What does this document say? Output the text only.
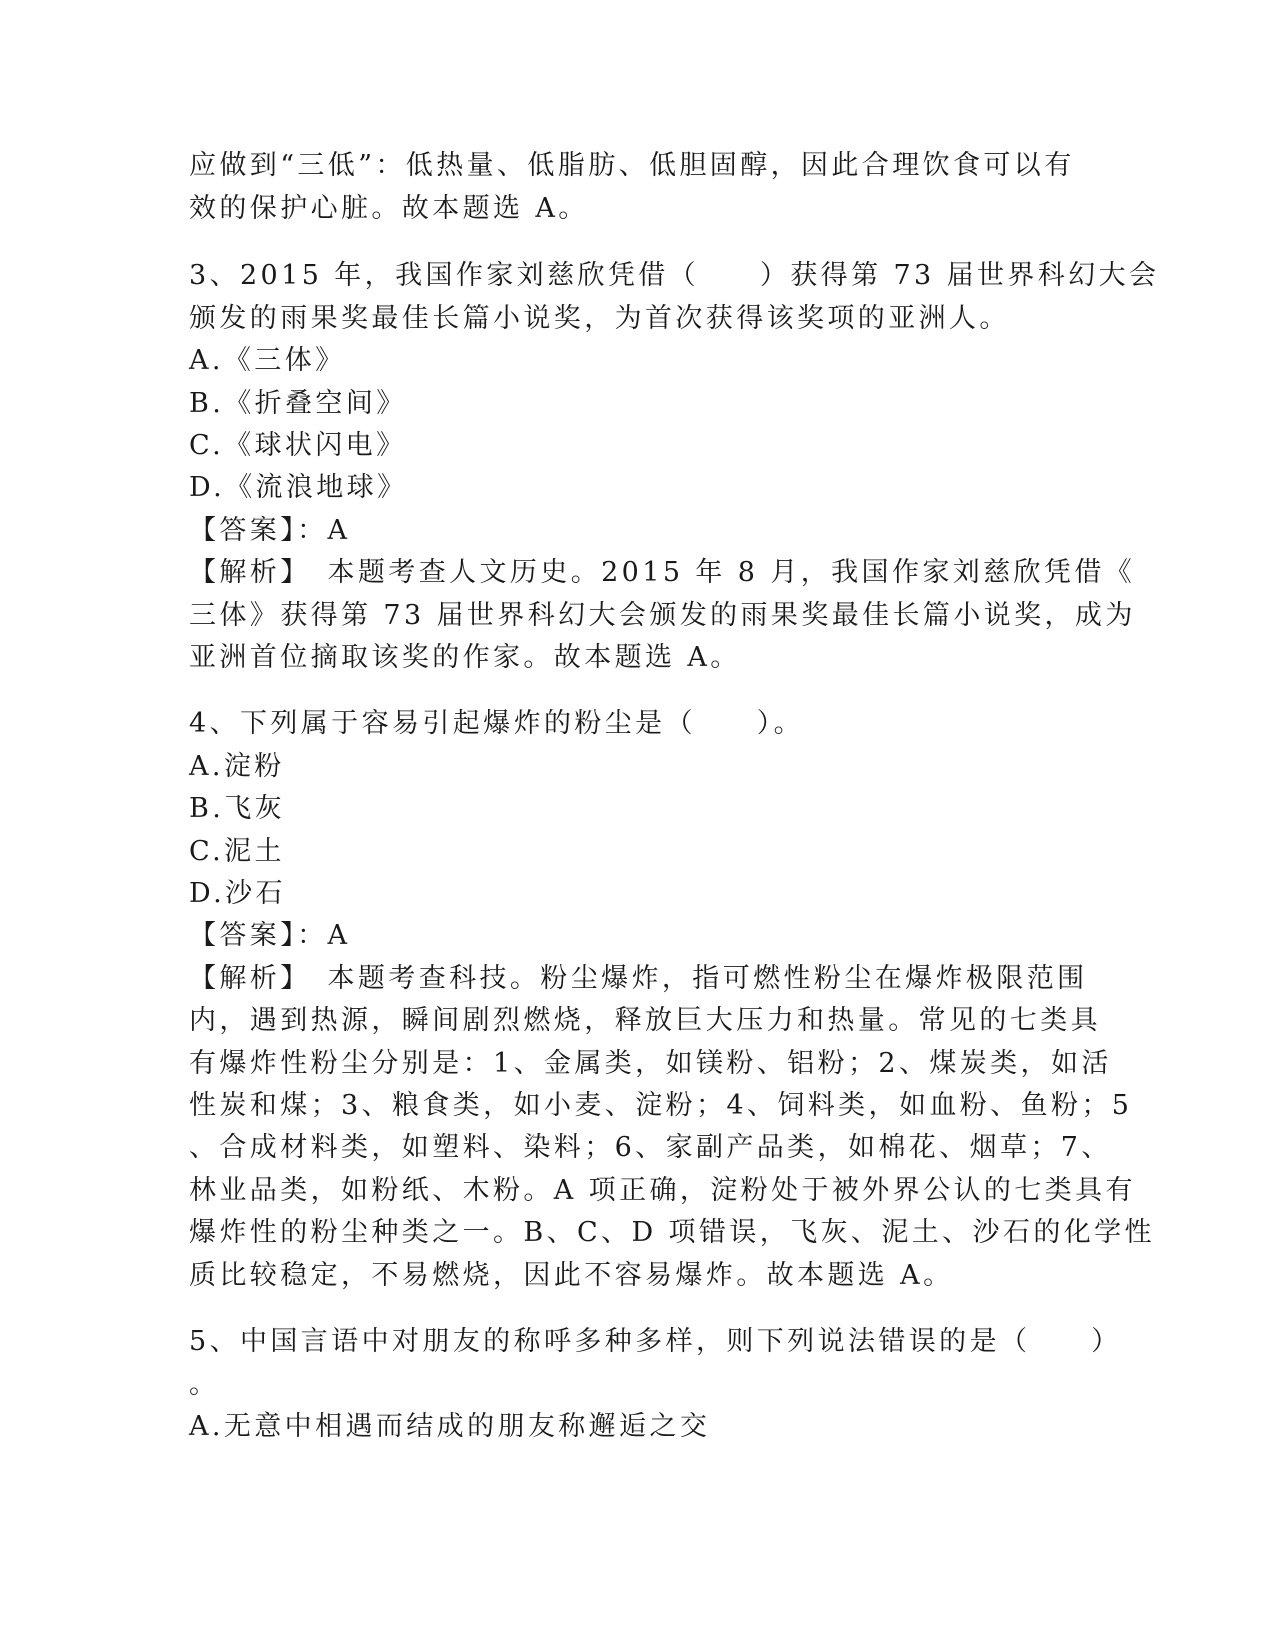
应做到“三低”：低热量、低脂肪、低胆固醇，因此合理饮食可以有
效的保护心脏。故本题选 A。
3、2015 年，我国作家刘慈欣凭借（　　）获得第 73 届世界科幻大会
颁发的雨果奖最佳长篇小说奖，为首次获得该奖项的亚洲人。
A.《三体》
B.《折叠空间》
C.《球状闪电》
D.《流浪地球》
【答案】：A
【解析】　本题考查人文历史。2015 年 8 月，我国作家刘慈欣凭借《
三体》获得第 73 届世界科幻大会颁发的雨果奖最佳长篇小说奖，成为
亚洲首位摘取该奖的作家。故本题选 A。
4、下列属于容易引起爆炸的粉尘是（　　）。
A.淀粉
B.飞灰
C.泥土
D.沙石
【答案】：A
【解析】　本题考查科技。粉尘爆炸，指可燃性粉尘在爆炸极限范围
内，遇到热源，瞬间剧烈燃烧，释放巨大压力和热量。常见的七类具
有爆炸性粉尘分别是：1、金属类，如镁粉、铝粉；2、煤炭类，如活
性炭和煤；3、粮食类，如小麦、淀粉；4、饲料类，如血粉、鱼粉；5
、合成材料类，如塑料、染料；6、家副产品类，如棉花、烟草；7、
林业品类，如粉纸、木粉。A 项正确，淀粉处于被外界公认的七类具有
爆炸性的粉尘种类之一。B、C、D 项错误，飞灰、泥土、沙石的化学性
质比较稳定，不易燃烧，因此不容易爆炸。故本题选 A。
5、中国言语中对朋友的称呼多种多样，则下列说法错误的是（　　）
。
A.无意中相遇而结成的朋友称邂逅之交
